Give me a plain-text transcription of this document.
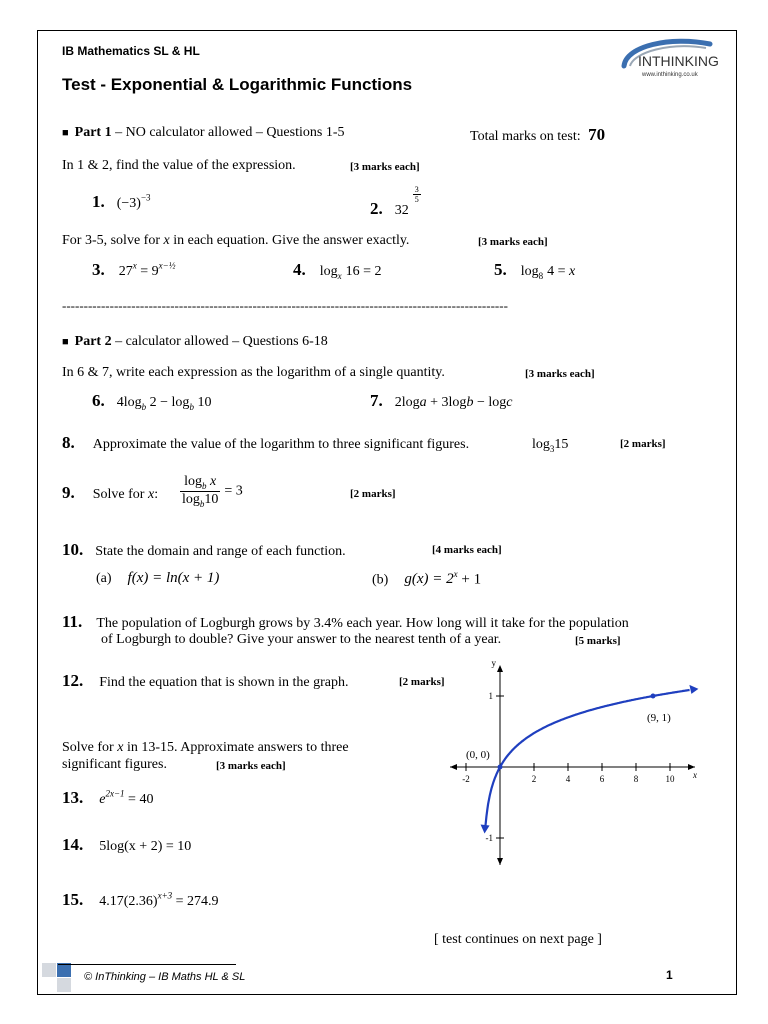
IB Mathematics SL & HL
Test - Exponential & Logarithmic Functions
INTHINKING
www.inthinking.co.uk
■ Part 1 – NO calculator allowed – Questions 1-5	Total marks on test: 70
In 1 & 2, find the value of the expression.	[3 marks each]
1. $(-3)^{-3}$
2. 32
$\frac{3}{5}$
For 3-5, solve for x in each equation. Give the answer exactly.	[3 marks each]
3. $27^x = 9^{x-\frac{1}{2}}$	4. $\log_x 16 = 2$	5. $\log_8 4 = x$
-------------------------------------------------------------------------------------------------------
■ Part 2 – calculator allowed – Questions 6-18
In 6 & 7, write each expression as the logarithm of a single quantity.	[3 marks each]
6. $4\log_b$ $2 - \log_b 10$	7. 2loga + 3logb − logc
8. Approximate the value of the logarithm to three significant figures.	$\log_315$	[2 marks]
9. Solve for x: $\frac{\log_b x}{\log_b10} = 3$	[2 marks]
10. State the domain and range of each function.	[4 marks each]
(a) f(x) = ln(x + 1)	(b) $g(x) = 2^x + 1$
11. The population of Logburgh grows by 3.4% each year. How long will it take for the population
of Logburgh to double? Give your answer to the nearest tenth of a year.	[5 marks]
12. Find the equation that is shown in the graph.	[2 marks]
Solve for x in 13-15. Approximate answers to three
significant figures.	[3 marks each]
13. $e^{2x-1} = 40$
14. 5log(x + 2) = 10
15. $4.17(2.36)^{x+3} = 274.9$
[ test continues on next page ]
y
x
-2	2	4	6	8	10
1
-1
(0, 0)
(9, 1)
© InThinking – IB Maths HL & SL	1
